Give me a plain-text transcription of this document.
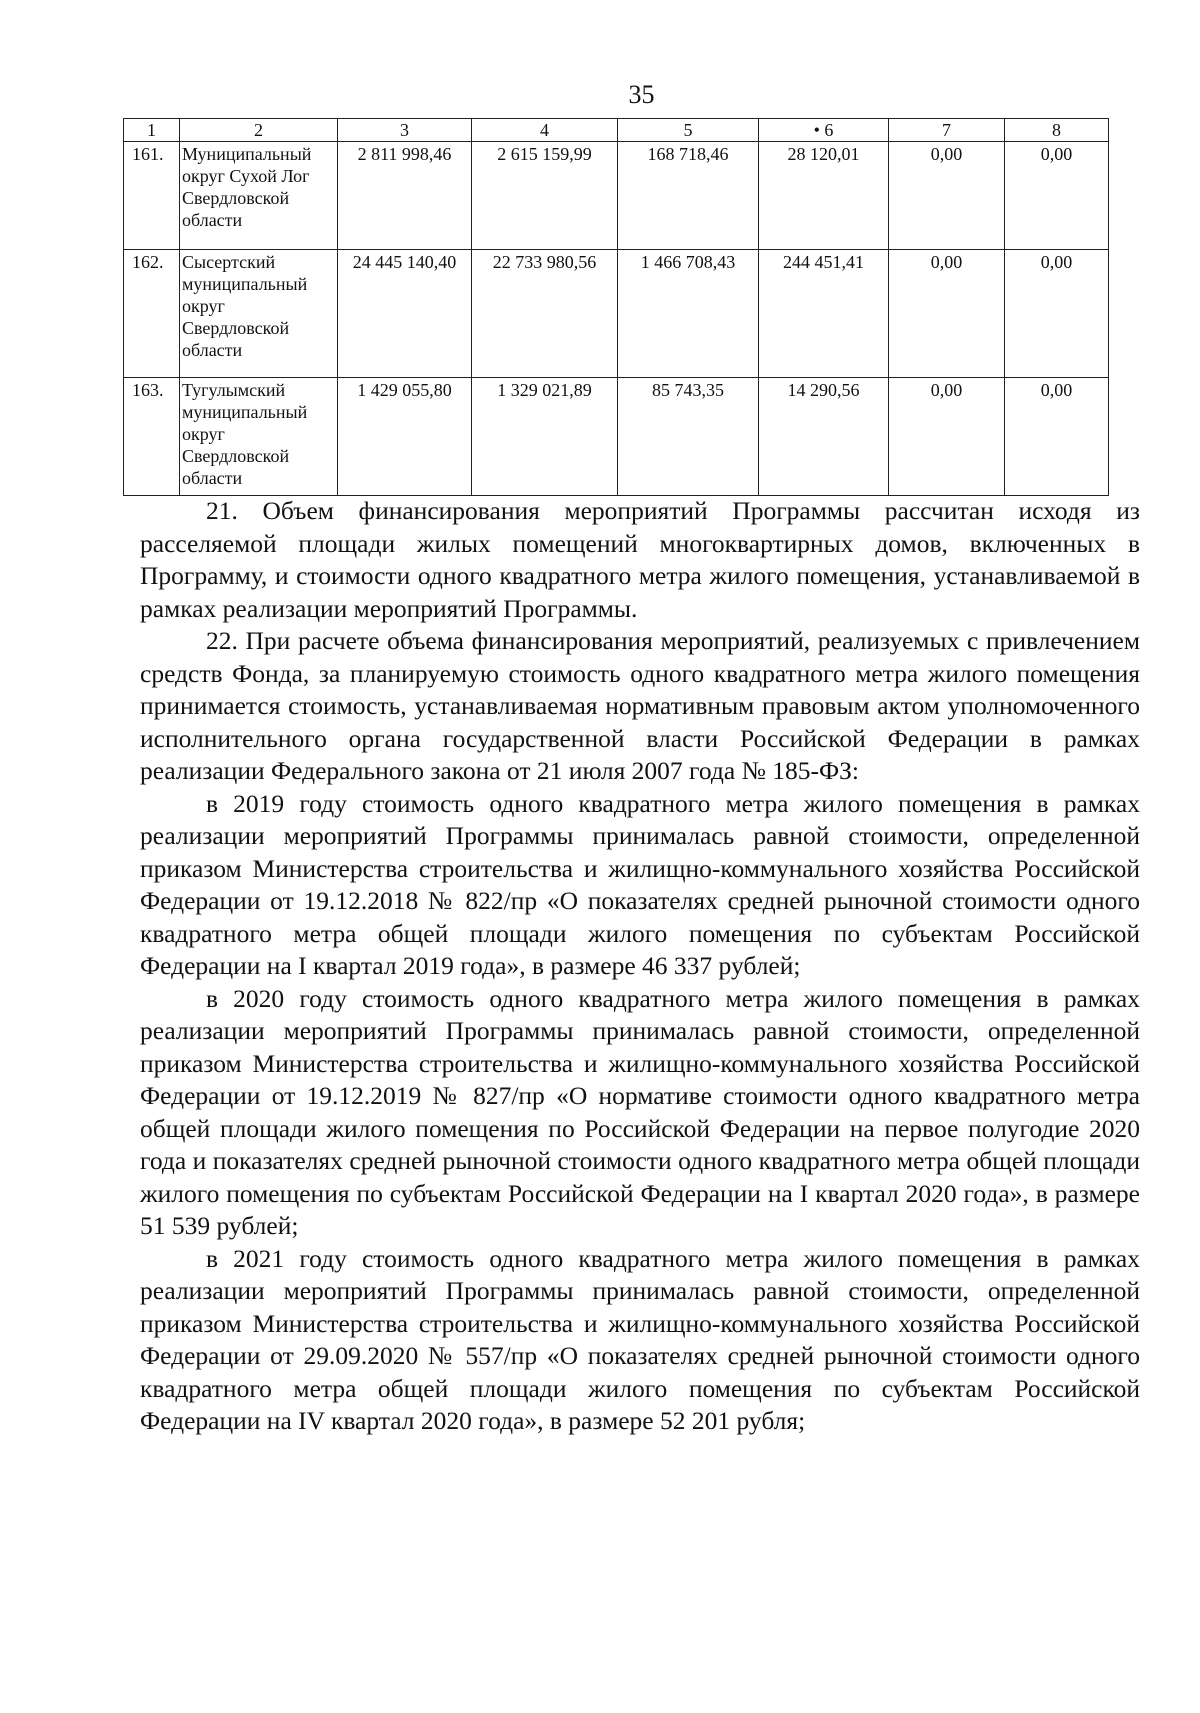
35
1	2	3	4	5	• 6	7	8
161.	Муниципальный округ Сухой Лог Свердловской области	2 811 998,46	2 615 159,99	168 718,46	28 120,01	0,00	0,00
162.	Сысертский муниципальный округ Свердловской области	24 445 140,40	22 733 980,56	1 466 708,43	244 451,41	0,00	0,00
163.	Тугулымский муниципальный округ Свердловской области	1 429 055,80	1 329 021,89	85 743,35	14 290,56	0,00	0,00

21. Объем финансирования мероприятий Программы рассчитан исходя из расселяемой площади жилых помещений многоквартирных домов, включенных в Программу, и стоимости одного квадратного метра жилого помещения, устанавливаемой в рамках реализации мероприятий Программы.

22. При расчете объема финансирования мероприятий, реализуемых с привлечением средств Фонда, за планируемую стоимость одного квадратного метра жилого помещения принимается стоимость, устанавливаемая нормативным правовым актом уполномоченного исполнительного органа государственной власти Российской Федерации в рамках реализации Федерального закона от 21 июля 2007 года № 185-ФЗ:

в 2019 году стоимость одного квадратного метра жилого помещения в рамках реализации мероприятий Программы принималась равной стоимости, определенной приказом Министерства строительства и жилищно-коммунального хозяйства Российской Федерации от 19.12.2018 № 822/пр «О показателях средней рыночной стоимости одного квадратного метра общей площади жилого помещения по субъектам Российской Федерации на I квартал 2019 года», в размере 46 337 рублей;

в 2020 году стоимость одного квадратного метра жилого помещения в рамках реализации мероприятий Программы принималась равной стоимости, определенной приказом Министерства строительства и жилищно-коммунального хозяйства Российской Федерации от 19.12.2019 № 827/пр «О нормативе стоимости одного квадратного метра общей площади жилого помещения по Российской Федерации на первое полугодие 2020 года и показателях средней рыночной стоимости одного квадратного метра общей площади жилого помещения по субъектам Российской Федерации на I квартал 2020 года», в размере 51 539 рублей;

в 2021 году стоимость одного квадратного метра жилого помещения в рамках реализации мероприятий Программы принималась равной стоимости, определенной приказом Министерства строительства и жилищно-коммунального хозяйства Российской Федерации от 29.09.2020 № 557/пр «О показателях средней рыночной стоимости одного квадратного метра общей площади жилого помещения по субъектам Российской Федерации на IV квартал 2020 года», в размере 52 201 рубля;
